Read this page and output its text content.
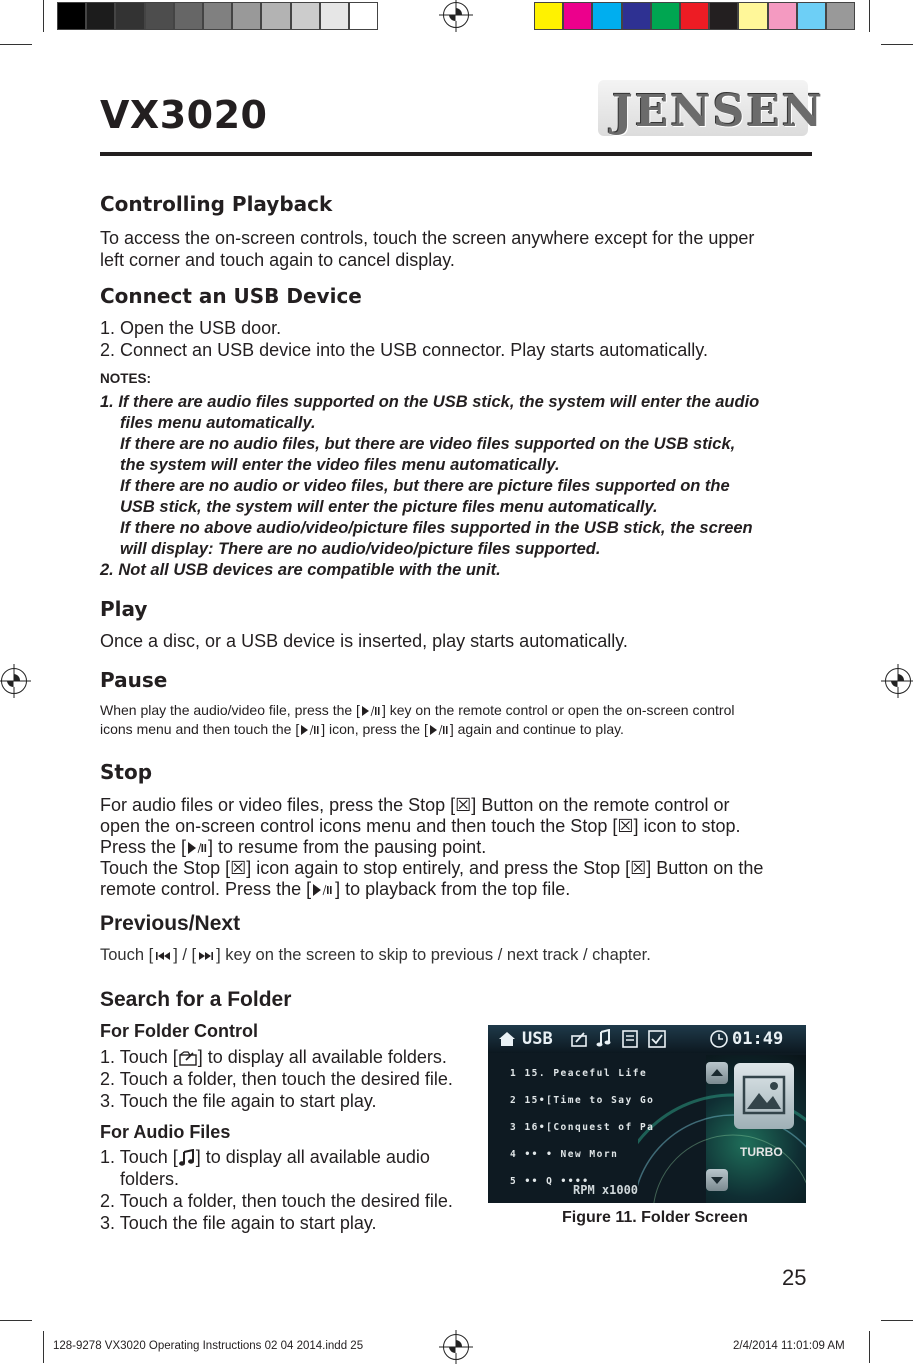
VX3020	JENSEN
Controlling Playback

To access the on-screen controls, touch the screen anywhere except for the upper

left corner and touch again to cancel display.

Connect an USB Device

1. Open the USB door.

2. Connect an USB device into the USB connector. Play starts automatically.

NOTES:

1. If there are audio files supported on the USB stick, the system will enter the audio

files menu automatically.

If there are no audio files, but there are video files supported on the USB stick,

the system will enter the video files menu automatically.

If there are no audio or video files, but there are picture files supported on the

USB stick, the system will enter the picture files menu automatically.

If there no above audio/video/picture files supported in the USB stick, the screen

will display: There are no audio/video/picture files supported.

2. Not all USB devices are compatible with the unit.

Play

Once a disc, or a USB device is inserted, play starts automatically.

Pause

When play the audio/video file, press the [ ] key on the remote control or open the on-screen control

icons menu and then touch the [ ] icon, press the [ ] again and continue to play.

Stop

For audio files or video files, press the Stop [☒] Button on the remote control or

open the on-screen control icons menu and then touch the Stop [☒] icon to stop.

Press the [ ] to resume from the pausing point.

Touch the Stop [☒] icon again to stop entirely, and press the Stop [☒] Button on the

remote control. Press the [ ] to playback from the top file.

Previous/Next

Touch [ ] / [ ] key on the screen to skip to previous / next track / chapter.

Search for a Folder

For Folder Control

1. Touch [ ] to display all available folders.

2. Touch a folder, then touch the desired file.

3. Touch the file again to start play.

For Audio Files

1. Touch [ ] to display all available audio

folders.

2. Touch a folder, then touch the desired file.

3. Touch the file again to start play.

USB	01:49
1 15. Peaceful Life
2 15•[Time to Say Go
3 16•[Conquest of Pa
4 •• • New Morn
5 •• Q ••••
RPM x1000
TURBO

Figure 11. Folder Screen

25

128-9278 VX3020 Operating Instructions 02 04 2014.indd 25	2/4/2014 11:01:09 AM
